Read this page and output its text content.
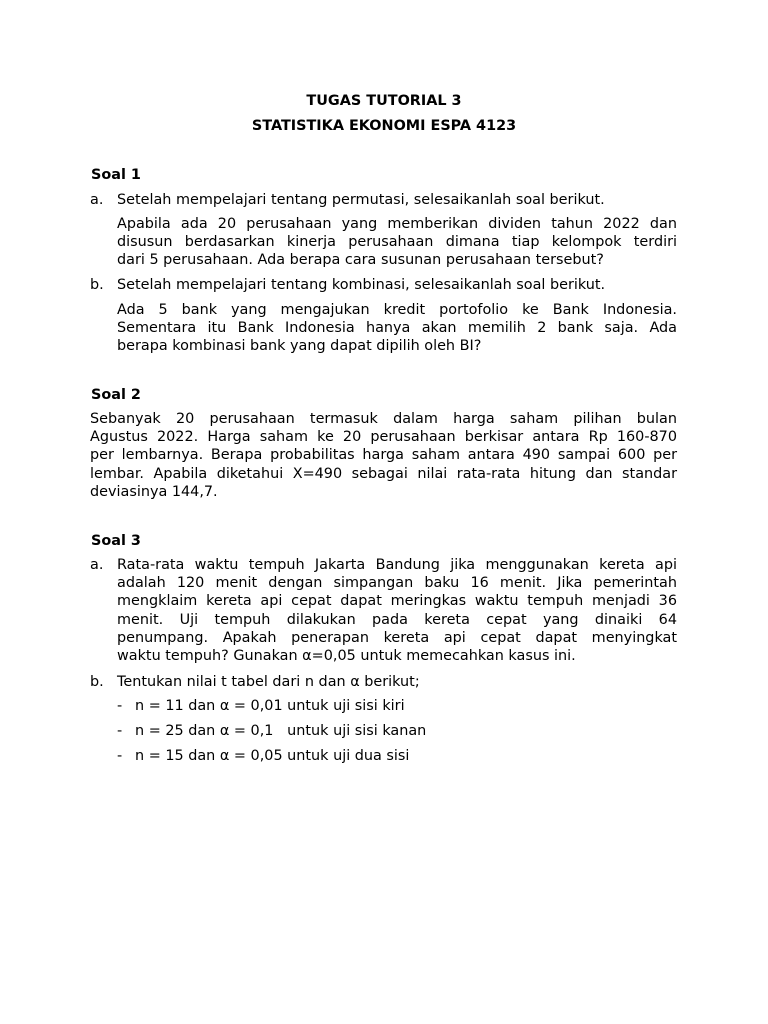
TUGAS TUTORIAL 3
STATISTIKA EKONOMI ESPA 4123
Soal 1
a. Setelah mempelajari tentang permutasi, selesaikanlah soal berikut.
Apabila ada 20 perusahaan yang memberikan dividen tahun 2022 dan
disusun berdasarkan kinerja perusahaan dimana tiap kelompok terdiri
dari 5 perusahaan. Ada berapa cara susunan perusahaan tersebut?
b. Setelah mempelajari tentang kombinasi, selesaikanlah soal berikut.
Ada 5 bank yang mengajukan kredit portofolio ke Bank Indonesia.
Sementara itu Bank Indonesia hanya akan memilih 2 bank saja. Ada
berapa kombinasi bank yang dapat dipilih oleh BI?
Soal 2
Sebanyak 20 perusahaan termasuk dalam harga saham pilihan bulan
Agustus 2022. Harga saham ke 20 perusahaan berkisar antara Rp 160-870
per lembarnya. Berapa probabilitas harga saham antara 490 sampai 600 per
lembar. Apabila diketahui X=490 sebagai nilai rata-rata hitung dan standar
deviasinya 144,7.
Soal 3
a. Rata-rata waktu tempuh Jakarta Bandung jika menggunakan kereta api
adalah 120 menit dengan simpangan baku 16 menit. Jika pemerintah
mengklaim kereta api cepat dapat meringkas waktu tempuh menjadi 36
menit. Uji tempuh dilakukan pada kereta cepat yang dinaiki 64
penumpang. Apakah penerapan kereta api cepat dapat menyingkat
waktu tempuh? Gunakan α=0,05 untuk memecahkan kasus ini.
b. Tentukan nilai t tabel dari n dan α berikut;
- n = 11 dan α = 0,01 untuk uji sisi kiri
- n = 25 dan α = 0,1   untuk uji sisi kanan
- n = 15 dan α = 0,05 untuk uji dua sisi
